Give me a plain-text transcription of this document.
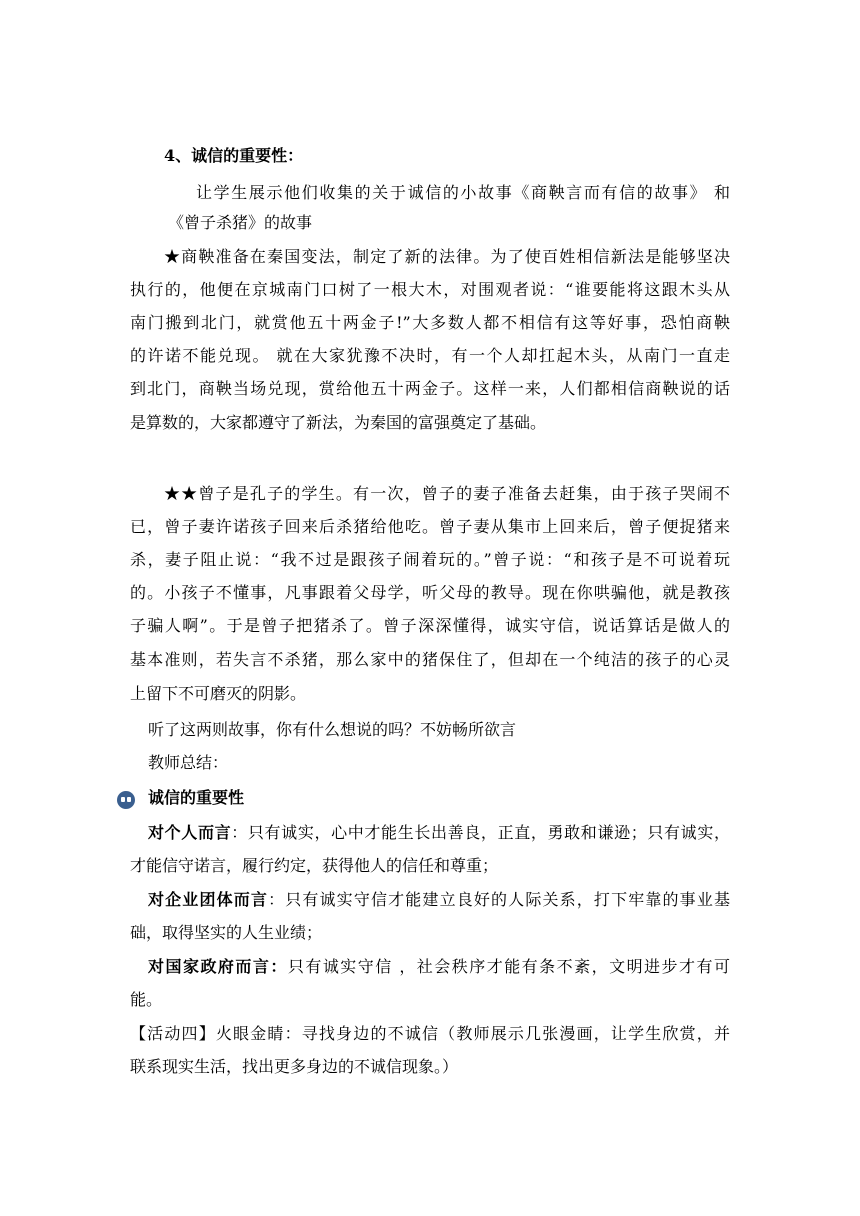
4、诚信的重要性：
让学生展示他们收集的关于诚信的小故事《商鞅言而有信的故事》 和
《曾子杀猪》的故事
★商鞅准备在秦国变法，制定了新的法律。为了使百姓相信新法是能够坚决
执行的，他便在京城南门口树了一根大木，对围观者说：“谁要能将这跟木头从
南门搬到北门，就赏他五十两金子!”大多数人都不相信有这等好事，恐怕商鞅
的许诺不能兑现。 就在大家犹豫不决时，有一个人却扛起木头，从南门一直走
到北门，商鞅当场兑现，赏给他五十两金子。这样一来，人们都相信商鞅说的话
是算数的，大家都遵守了新法，为秦国的富强奠定了基础。
★★曾子是孔子的学生。有一次，曾子的妻子准备去赶集，由于孩子哭闹不
已，曾子妻许诺孩子回来后杀猪给他吃。曾子妻从集市上回来后，曾子便捉猪来
杀，妻子阻止说：“我不过是跟孩子闹着玩的。”曾子说：“和孩子是不可说着玩
的。小孩子不懂事，凡事跟着父母学，听父母的教导。现在你哄骗他，就是教孩
子骗人啊”。于是曾子把猪杀了。曾子深深懂得，诚实守信，说话算话是做人的
基本准则，若失言不杀猪，那么家中的猪保住了，但却在一个纯洁的孩子的心灵
上留下不可磨灭的阴影。
听了这两则故事，你有什么想说的吗？不妨畅所欲言
教师总结：
诚信的重要性
对个人而言：只有诚实，心中才能生长出善良，正直，勇敢和谦逊；只有诚实，
才能信守诺言，履行约定，获得他人的信任和尊重；
对企业团体而言：只有诚实守信才能建立良好的人际关系，打下牢靠的事业基
础，取得坚实的人生业绩；
对国家政府而言：只有诚实守信 ，社会秩序才能有条不紊，文明进步才有可
能。
【活动四】火眼金睛：寻找身边的不诚信（教师展示几张漫画，让学生欣赏，并
联系现实生活，找出更多身边的不诚信现象。）
